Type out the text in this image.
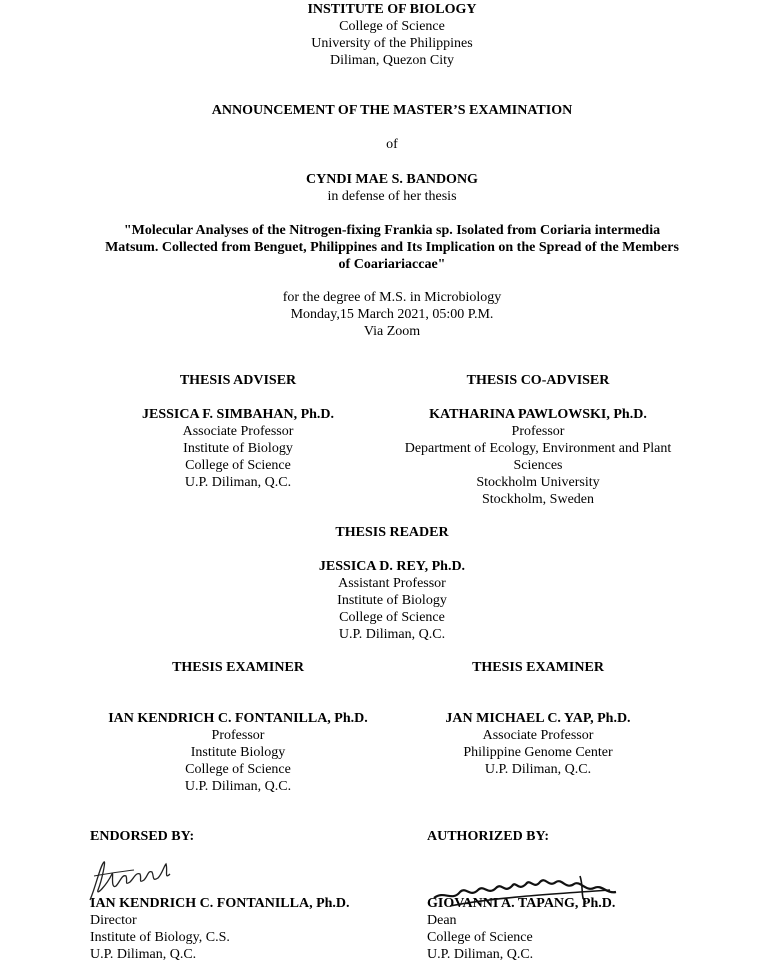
INSTITUTE OF BIOLOGY
College of Science
University of the Philippines
Diliman, Quezon City
ANNOUNCEMENT OF THE MASTER’S EXAMINATION
of
CYNDI MAE S. BANDONG
in defense of her thesis
"Molecular Analyses of the Nitrogen-fixing Frankia sp. Isolated from Coriaria intermedia
Matsum. Collected from Benguet, Philippines and Its Implication on the Spread of the Members
of Coariariaccae"
for the degree of M.S. in Microbiology
Monday,15 March 2021, 05:00 P.M.
Via Zoom
THESIS ADVISER
JESSICA F. SIMBAHAN, Ph.D.
Associate Professor
Institute of Biology
College of Science
U.P. Diliman, Q.C.
THESIS CO-ADVISER
KATHARINA PAWLOWSKI, Ph.D.
Professor
Department of Ecology, Environment and Plant
Sciences
Stockholm University
Stockholm, Sweden
THESIS READER
JESSICA D. REY, Ph.D.
Assistant Professor
Institute of Biology
College of Science
U.P. Diliman, Q.C.
THESIS EXAMINER
IAN KENDRICH C. FONTANILLA, Ph.D.
Professor
Institute Biology
College of Science
U.P. Diliman, Q.C.
THESIS EXAMINER
JAN MICHAEL C. YAP, Ph.D.
Associate Professor
Philippine Genome Center
U.P. Diliman, Q.C.
ENDORSED BY:
IAN KENDRICH C. FONTANILLA, Ph.D.
Director
Institute of Biology, C.S.
U.P. Diliman, Q.C.
AUTHORIZED BY:
GIOVANNI A. TAPANG, Ph.D.
Dean
College of Science
U.P. Diliman, Q.C.
